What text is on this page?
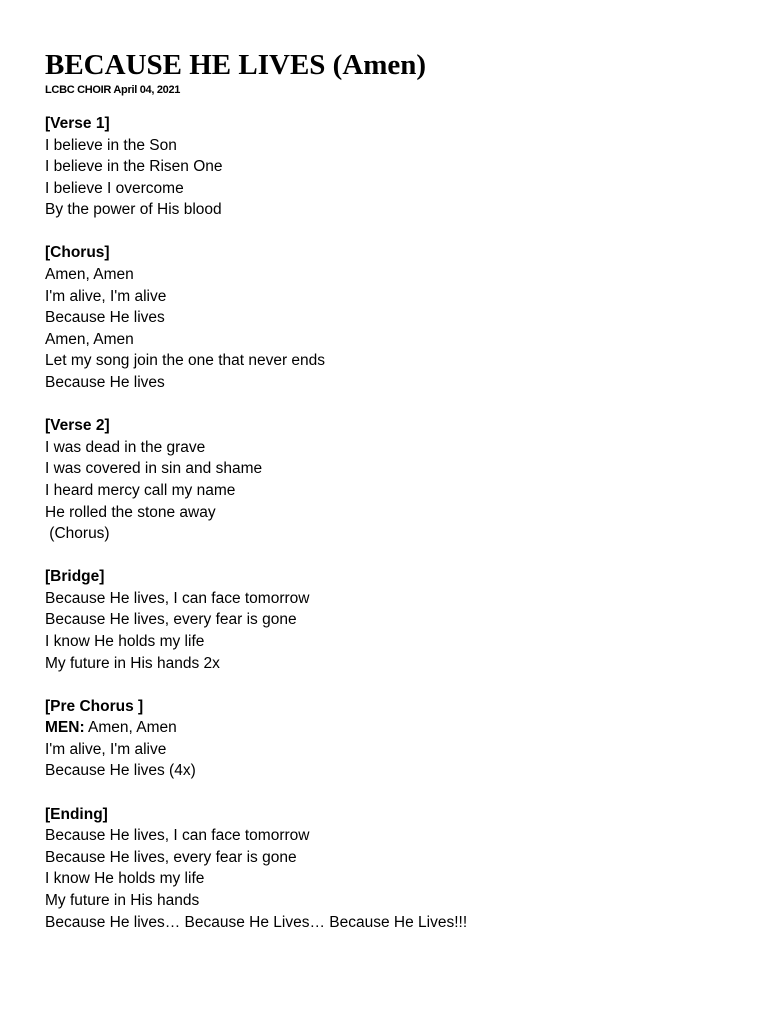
BECAUSE HE LIVES (Amen)
LCBC CHOIR April 04, 2021
[Verse 1]
I believe in the Son
I believe in the Risen One
I believe I overcome
By the power of His blood
[Chorus]
Amen, Amen
I'm alive, I'm alive
Because He lives
Amen, Amen
Let my song join the one that never ends
Because He lives
[Verse 2]
I was dead in the grave
I was covered in sin and shame
I heard mercy call my name
He rolled the stone away
(Chorus)
[Bridge]
Because He lives, I can face tomorrow
Because He lives, every fear is gone
I know He holds my life
My future in His hands 2x
[Pre Chorus ]
MEN: Amen, Amen
I'm alive, I'm alive
Because He lives (4x)
[Ending]
Because He lives, I can face tomorrow
Because He lives, every fear is gone
I know He holds my life
My future in His hands
Because He lives… Because He Lives… Because He Lives!!!
